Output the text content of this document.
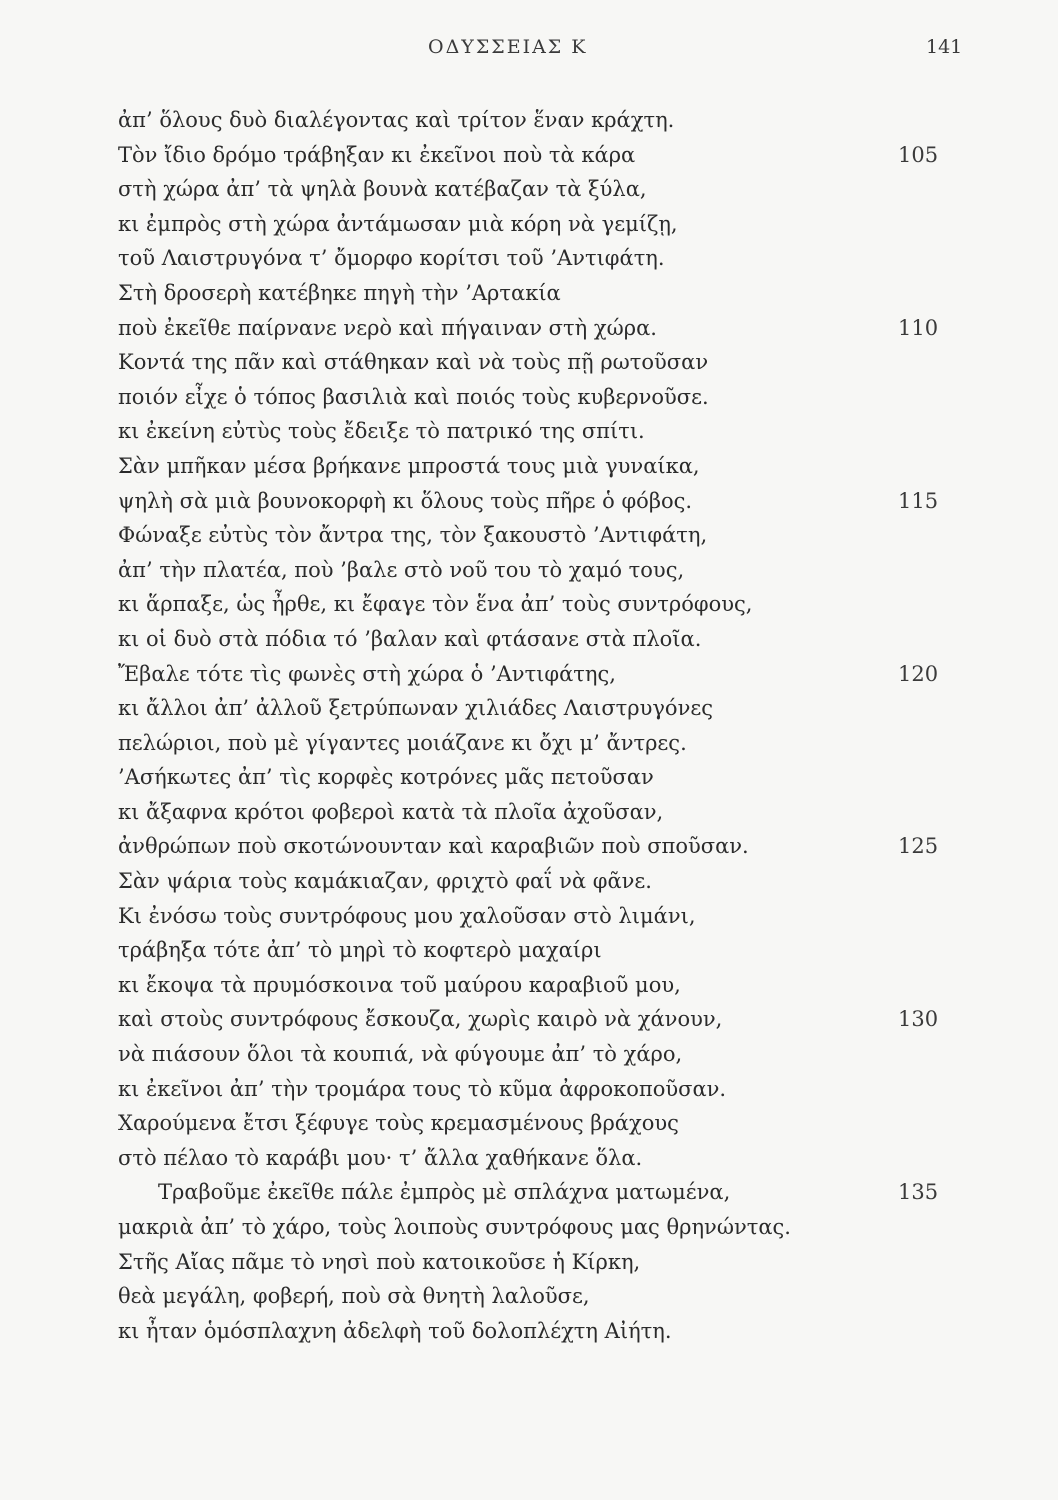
ΟΔΥΣΣΕΙΑΣ Κ	141
ἀπ’ ὅλους δυὸ διαλέγοντας καὶ τρίτον ἕναν κράχτη.
Τὸν ἴδιο δρόμο τράβηξαν κι ἐκεῖνοι ποὺ τὰ κάρα	105
στὴ χώρα ἀπ’ τὰ ψηλὰ βουνὰ κατέβαζαν τὰ ξύλα,
κι ἐμπρὸς στὴ χώρα ἀντάμωσαν μιὰ κόρη νὰ γεμίζῃ,
τοῦ Λαιστρυγόνα τ’ ὄμορφο κορίτσι τοῦ ’Αντιφάτη.
Στὴ δροσερὴ κατέβηκε πηγὴ τὴν ’Αρτακία
ποὺ ἐκεῖθε παίρνανε νερὸ καὶ πήγαιναν στὴ χώρα.	110
Κοντά της πᾶν καὶ στάθηκαν καὶ νὰ τοὺς πῇ ρωτοῦσαν
ποιόν εἶχε ὁ τόπος βασιλιὰ καὶ ποιός τοὺς κυβερνοῦσε.
κι ἐκείνη εὐτὺς τοὺς ἔδειξε τὸ πατρικό της σπίτι.
Σὰν μπῆκαν μέσα βρήκανε μπροστά τους μιὰ γυναίκα,
ψηλὴ σὰ μιὰ βουνοκορφὴ κι ὅλους τοὺς πῆρε ὁ φόβος.	115
Φώναξε εὐτὺς τὸν ἄντρα της, τὸν ξακουστὸ ’Αντιφάτη,
ἀπ’ τὴν πλατέα, ποὺ ’βαλε στὸ νοῦ του τὸ χαμό τους,
κι ἅρπαξε, ὡς ἦρθε, κι ἔφαγε τὸν ἕνα ἀπ’ τοὺς συντρόφους,
κι οἱ δυὸ στὰ πόδια τό ’βαλαν καὶ φτάσανε στὰ πλοῖα.
Ἔβαλε τότε τὶς φωνὲς στὴ χώρα ὁ ’Αντιφάτης,	120
κι ἄλλοι ἀπ’ ἀλλοῦ ξετρύπωναν χιλιάδες Λαιστρυγόνες
πελώριοι, ποὺ μὲ γίγαντες μοιάζανε κι ὄχι μ’ ἄντρες.
’Ασήκωτες ἀπ’ τὶς κορφὲς κοτρόνες μᾶς πετοῦσαν
κι ἄξαφνα κρότοι φοβεροὶ κατὰ τὰ πλοῖα ἀχοῦσαν,
ἀνθρώπων ποὺ σκοτώνουνταν καὶ καραβιῶν ποὺ σποῦσαν.	125
Σὰν ψάρια τοὺς καμάκιαζαν, φριχτὸ φαΐ νὰ φᾶνε.
Κι ἐνόσω τοὺς συντρόφους μου χαλοῦσαν στὸ λιμάνι,
τράβηξα τότε ἀπ’ τὸ μηρὶ τὸ κοφτερὸ μαχαίρι
κι ἔκοψα τὰ πρυμόσκοινα τοῦ μαύρου καραβιοῦ μου,
καὶ στοὺς συντρόφους ἔσκουζα, χωρὶς καιρὸ νὰ χάνουν,	130
νὰ πιάσουν ὅλοι τὰ κουπιά, νὰ φύγουμε ἀπ’ τὸ χάρο,
κι ἐκεῖνοι ἀπ’ τὴν τρομάρα τους τὸ κῦμα ἀφροκοποῦσαν.
Χαρούμενα ἔτσι ξέφυγε τοὺς κρεμασμένους βράχους
στὸ πέλαο τὸ καράβι μου· τ’ ἄλλα χαθήκανε ὅλα.
Τραβοῦμε ἐκεῖθε πάλε ἐμπρὸς μὲ σπλάχνα ματωμένα,	135
μακριὰ ἀπ’ τὸ χάρο, τοὺς λοιποὺς συντρόφους μας θρηνώντας.
Στῆς Αἴας πᾶμε τὸ νησὶ ποὺ κατοικοῦσε ἡ Κίρκη,
θεὰ μεγάλη, φοβερή, ποὺ σὰ θνητὴ λαλοῦσε,
κι ἦταν ὁμόσπλαχνη ἀδελφὴ τοῦ δολοπλέχτη Αἰήτη.
